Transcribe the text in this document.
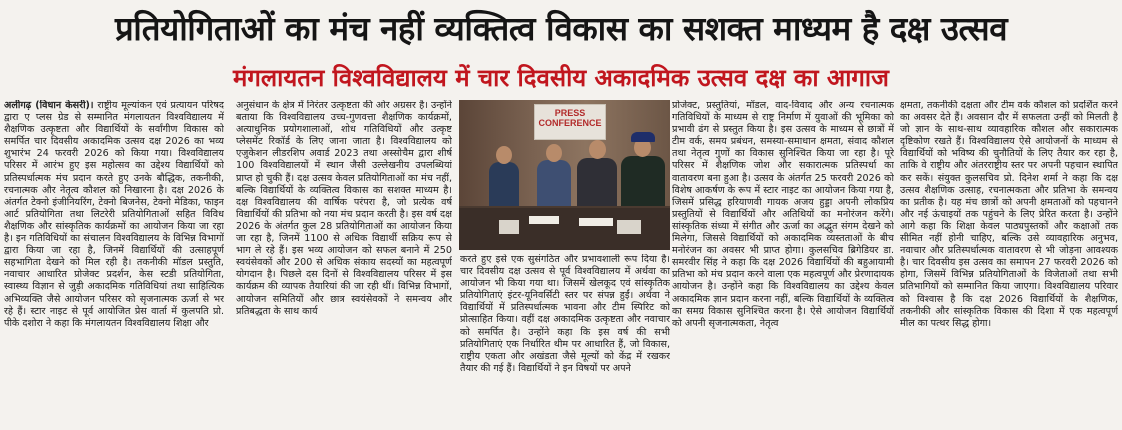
प्रतियोगिताओं का मंच नहीं व्यक्तित्व विकास का सशक्त माध्यम है दक्ष उत्सव
मंगलायतन विश्वविद्यालय में चार दिवसीय अकादमिक उत्सव दक्ष का आगाज
अलीगढ़ (विधान केसरी)। राष्ट्रीय मूल्यांकन एवं प्रत्यायन परिषद द्वारा ए प्लस ग्रेड से सम्मानित मंगलायतन विश्वविद्यालय में शैक्षणिक उत्कृष्टता और विद्यार्थियों के सर्वांगीण विकास को समर्पित चार दिवसीय अकादमिक उत्सव दक्ष 2026 का भव्य शुभारंभ 24 फरवरी 2026 को किया गया। विश्वविद्यालय परिसर में आरंभ हुए इस महोत्सव का उद्देश्य विद्यार्थियों को प्रतिस्पर्धात्मक मंच प्रदान करते हुए उनके बौद्धिक, तकनीकी, रचनात्मक और नेतृत्व कौशल को निखारना है। दक्ष 2026 के अंतर्गत टेक्नो इंजीनियरिंग, टेक्नो बिजनेस, टेक्नो मेडिका, फाइन आर्ट प्रतियोगिता तथा लिटरेरी प्रतियोगिताओं सहित विविध शैक्षणिक और सांस्कृतिक कार्यक्रमों का आयोजन किया जा रहा है। इन गतिविधियों का संचालन विश्वविद्यालय के विभिन्न विभागों द्वारा किया जा रहा है, जिनमें विद्यार्थियों की उत्साहपूर्ण सहभागिता देखने को मिल रही है। तकनीकी मॉडल प्रस्तुति, नवाचार आधारित प्रोजेक्ट प्रदर्शन, केस स्टडी प्रतियोगिता, स्वास्थ्य विज्ञान से जुड़ी अकादमिक गतिविधियां तथा साहित्यिक अभिव्यक्ति जैसे आयोजन परिसर को सृजनात्मक ऊर्जा से भर रहे हैं। स्टार नाइट से पूर्व आयोजित प्रेस वार्ता में कुलपति प्रो. पीके दशोरा ने कहा कि मंगलायतन विश्वविद्यालय शिक्षा और
अनुसंधान के क्षेत्र में निरंतर उत्कृष्टता की ओर अग्रसर है। उन्होंने बताया कि विश्वविद्यालय उच्च-गुणवत्ता शैक्षणिक कार्यक्रमों, अत्याधुनिक प्रयोगशालाओं, शोध गतिविधियों और उत्कृष्ट प्लेसमेंट रिकॉर्ड के लिए जाना जाता है। विश्वविद्यालय को एजुकेशन लीडरशिप अवार्ड 2023 तथा अस्सोचैम द्वारा शीर्ष 100 विश्वविद्यालयों में स्थान जैसी उल्लेखनीय उपलब्धियां प्राप्त हो चुकी हैं। दक्ष उत्सव केवल प्रतियोगिताओं का मंच नहीं, बल्कि विद्यार्थियों के व्यक्तित्व विकास का सशक्त माध्यम है। दक्ष विश्वविद्यालय की वार्षिक परंपरा है, जो प्रत्येक वर्ष विद्यार्थियों की प्रतिभा को नया मंच प्रदान करती है। इस वर्ष दक्ष 2026 के अंतर्गत कुल 28 प्रतियोगिताओं का आयोजन किया जा रहा है, जिनमें 1100 से अधिक विद्यार्थी सक्रिय रूप से भाग ले रहे हैं। इस भव्य आयोजन को सफल बनाने में 250 स्वयंसेवकों और 200 से अधिक संकाय सदस्यों का महत्वपूर्ण योगदान है। पिछले दस दिनों से विश्वविद्यालय परिसर में इस कार्यक्रम की व्यापक तैयारियां की जा रही थीं। विभिन्न विभागों, आयोजन समितियों और छात्र स्वयंसेवकों ने समन्वय और प्रतिबद्धता के साथ कार्य
PRESS
CONFERENCE
करते हुए इसे एक सुसंगठित और प्रभावशाली रूप दिया है। चार दिवसीय दक्ष उत्सव से पूर्व विश्वविद्यालय में अर्थवा का आयोजन भी किया गया था। जिसमें खेलकूद एवं सांस्कृतिक प्रतियोगिताएं इंटर-यूनिवर्सिटी स्तर पर संपन्न हुईं। अर्थवा ने विद्यार्थियों में प्रतिस्पर्धात्मक भावना और टीम स्पिरिट को प्रोत्साहित किया। वहीं दक्ष अकादमिक उत्कृष्टता और नवाचार को समर्पित है। उन्होंने कहा कि इस वर्ष की सभी प्रतियोगिताएं एक निर्धारित थीम पर आधारित हैं, जो विकास, राष्ट्रीय एकता और अखंडता जैसे मूल्यों को केंद्र में रखकर तैयार की गई हैं। विद्यार्थियों ने इन विषयों पर अपने
प्रोजेक्ट, प्रस्तुतियां, मॉडल, वाद-विवाद और अन्य रचनात्मक गतिविधियों के माध्यम से राष्ट्र निर्माण में युवाओं की भूमिका को प्रभावी ढंग से प्रस्तुत किया है। इस उत्सव के माध्यम से छात्रों में टीम वर्क, समय प्रबंधन, समस्या-समाधान क्षमता, संवाद कौशल तथा नेतृत्व गुणों का विकास सुनिश्चित किया जा रहा है। पूरे परिसर में शैक्षणिक जोश और सकारात्मक प्रतिस्पर्धा का वातावरण बना हुआ है। उत्सव के अंतर्गत 25 फरवरी 2026 को विशेष आकर्षण के रूप में स्टार नाइट का आयोजन किया गया है, जिसमें प्रसिद्ध हरियाणवी गायक अजय हुड्डा अपनी लोकप्रिय प्रस्तुतियों से विद्यार्थियों और अतिथियों का मनोरंजन करेंगे। सांस्कृतिक संध्या में संगीत और ऊर्जा का अद्भुत संगम देखने को मिलेगा, जिससे विद्यार्थियों को अकादमिक व्यस्तताओं के बीच मनोरंजन का अवसर भी प्राप्त होगा। कुलसचिव ब्रिगेडियर डा. समरवीर सिंह ने कहा कि दक्ष 2026 विद्यार्थियों की बहुआयामी प्रतिभा को मंच प्रदान करने वाला एक महत्वपूर्ण और प्रेरणादायक आयोजन है। उन्होंने कहा कि विश्वविद्यालय का उद्देश्य केवल अकादमिक ज्ञान प्रदान करना नहीं, बल्कि विद्यार्थियों के व्यक्तित्व का समग्र विकास सुनिश्चित करना है। ऐसे आयोजन विद्यार्थियों को अपनी सृजनात्मकता, नेतृत्व
क्षमता, तकनीकी दक्षता और टीम वर्क कौशल को प्रदर्शित करने का अवसर देते हैं। अवसान दौर में सफलता उन्हीं को मिलती है जो ज्ञान के साथ-साथ व्यावहारिक कौशल और सकारात्मक दृष्टिकोण रखते हैं। विश्वविद्यालय ऐसे आयोजनों के माध्यम से विद्यार्थियों को भविष्य की चुनौतियों के लिए तैयार कर रहा है, ताकि वे राष्ट्रीय और अंतरराष्ट्रीय स्तर पर अपनी पहचान स्थापित कर सकें। संयुक्त कुलसचिव प्रो. दिनेश शर्मा ने कहा कि दक्ष उत्सव शैक्षणिक उत्साह, रचनात्मकता और प्रतिभा के समन्वय का प्रतीक है। यह मंच छात्रों को अपनी क्षमताओं को पहचानने और नई ऊंचाइयों तक पहुंचने के लिए प्रेरित करता है। उन्होंने आगे कहा कि शिक्षा केवल पाठ्यपुस्तकों और कक्षाओं तक सीमित नहीं होनी चाहिए, बल्कि उसे व्यावहारिक अनुभव, नवाचार और प्रतिस्पर्धात्मक वातावरण से भी जोड़ना आवश्यक है। चार दिवसीय इस उत्सव का समापन 27 फरवरी 2026 को होगा, जिसमें विभिन्न प्रतियोगिताओं के विजेताओं तथा सभी प्रतिभागियों को सम्मानित किया जाएगा। विश्वविद्यालय परिवार को विश्वास है कि दक्ष 2026 विद्यार्थियों के शैक्षणिक, तकनीकी और सांस्कृतिक विकास की दिशा में एक महत्वपूर्ण मील का पत्थर सिद्ध होगा।
